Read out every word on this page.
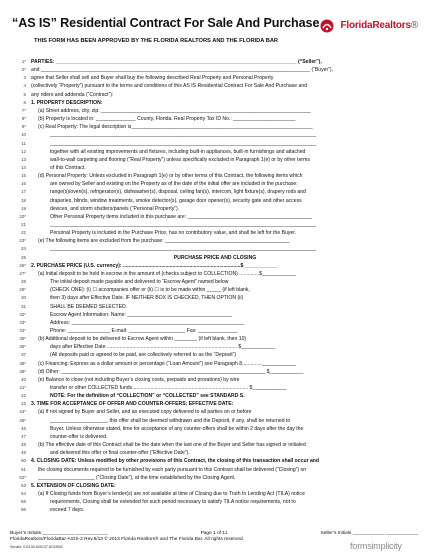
“AS IS” Residential Contract For Sale And Purchase	FloridaRealtors®
THIS FORM HAS BEEN APPROVED BY THE FLORIDA REALTORS AND THE FLORIDA BAR
1* PARTIES: _____________________________________________________________________________________ (“Seller”),
2* and _______________________________________________________________________________________________ (“Buyer”),
3 agree that Seller shall sell and Buyer shall buy the following described Real Property and Personal Property
4 (collectively “Property”) pursuant to the terms and conditions of this AS IS Residential Contract For Sale And Purchase and
5 any riders and addenda (“Contract”):
6 1. PROPERTY DESCRIPTION:
7* (a) Street address, city, zip: __________________________________________________________________________
8* (b) Property is located in: ______________ County, Florida. Real Property Tax ID No.: ______________________
9* (c) Real Property: The legal description is________________________________________________________________
10	______________________________________________________________________________________________
11	______________________________________________________________________________________________
12	together with all existing improvements and fixtures, including built-in appliances, built-in furnishings and attached
13	wall-to-wall carpeting and flooring (“Real Property”) unless specifically excluded in Paragraph 1(e) or by other terms
14	of this Contract.
15 (d) Personal Property: Unless excluded in Paragraph 1(e) or by other terms of this Contract, the following items which
16	are owned by Seller and existing on the Property as of the date of the initial offer are included in the purchase:
17	range(s)/oven(s), refrigerator(s), dishwasher(s), disposal, ceiling fan(s), intercom, light fixture(s), drapery rods and
18	draperies, blinds, window treatments, smoke detector(s), garage door opener(s), security gate and other access
19	devices, and storm shutters/panels (“Personal Property”).
20*	Other Personal Property items included in this purchase are: ____________________________________________
21	______________________________________________________________________________________________
22	Personal Property is included in the Purchase Price, has no contributory value, and shall be left for the Buyer.
23* (e) The following items are excluded from the purchase: ____________________________________________
24	______________________________________________________________________________________________
25	PURCHASE PRICE AND CLOSING
26* 2. PURCHASE PRICE (U.S. currency): ...................................................................................$____________
27* (a) Initial deposit to be held in escrow in the amount of (checks subject to COLLECTION) ..............$____________
28	The initial deposit made payable and delivered to “Escrow Agent” named below
29*	(CHECK ONE): (i) ☐ accompanies offer or (ii) ☐ is to be made within _____ (if left blank,
30	then 3) days after Effective Date. IF NEITHER BOX IS CHECKED, THEN OPTION (ii)
31	SHALL BE DEEMED SELECTED.
32*	Escrow Agent Information: Name: _____________________________________
33*	Address: _____________________________________________________________
34*	Phone: _______________ E-mail: ____________________ Fax: ______________
35* (b) Additional deposit to be delivered to Escrow Agent within ________ (if left blank, then 10)
36*	days after Effective Date ............................................................................................ $____________
37	(All deposits paid or agreed to be paid, are collectively referred to as the “Deposit”)
38* (c) Financing: Express as a dollar amount or percentage (“Loan Amount”) see Paragraph 8..............____________
39* (d) Other: ________________________________________________________________________ $____________
40 (e) Balance to close (not including Buyer’s closing costs, prepaids and prorations) by wire
41*	transfer or other COLLECTED funds.................................................................................. $____________
42	NOTE: For the definition of “COLLECTION” or “COLLECTED” see STANDARD S.
43 3. TIME FOR ACCEPTANCE OF OFFER AND COUNTER-OFFERS; EFFECTIVE DATE:
44* (a) If not signed by Buyer and Seller, and an executed copy delivered to all parties on or before
45*	____________________, this offer shall be deemed withdrawn and the Deposit, if any, shall be returned to
46	Buyer. Unless otherwise stated, time for acceptance of any counter-offers shall be within 2 days after the day the
47	counter-offer is delivered.
48 (b) The effective date of this Contract shall be the date when the last one of the Buyer and Seller has signed or initialed
49	and delivered this offer or final counter-offer (“Effective Date”).
50 4. CLOSING DATE: Unless modified by other provisions of this Contract, the closing of this transaction shall occur and
51 the closing documents required to be furnished by each party pursuant to this Contract shall be delivered (“Closing”) on
52* ____________________ (“Closing Date”), at the time established by the Closing Agent.
53 5. EXTENSION OF CLOSING DATE:
54 (a) If Closing funds from Buyer’s lender(s) are not available at time of Closing due to Truth In Lending Act (TILA) notice
55	requirements, Closing shall be extended for such period necessary to satisfy TILA notice requirements, not to
56	exceed 7 days.
Buyer’s Initials ____________ ____________	Page 1 of 11	Seller’s Initials ____________ ____________
FloridaRealtors/FloridaBar-ASIS-2 Rev.8/13 © 2013 Florida Realtors® and The Florida Bar. All rights reserved.
Serial#: 011136-600137-8243592	formsimplicity
